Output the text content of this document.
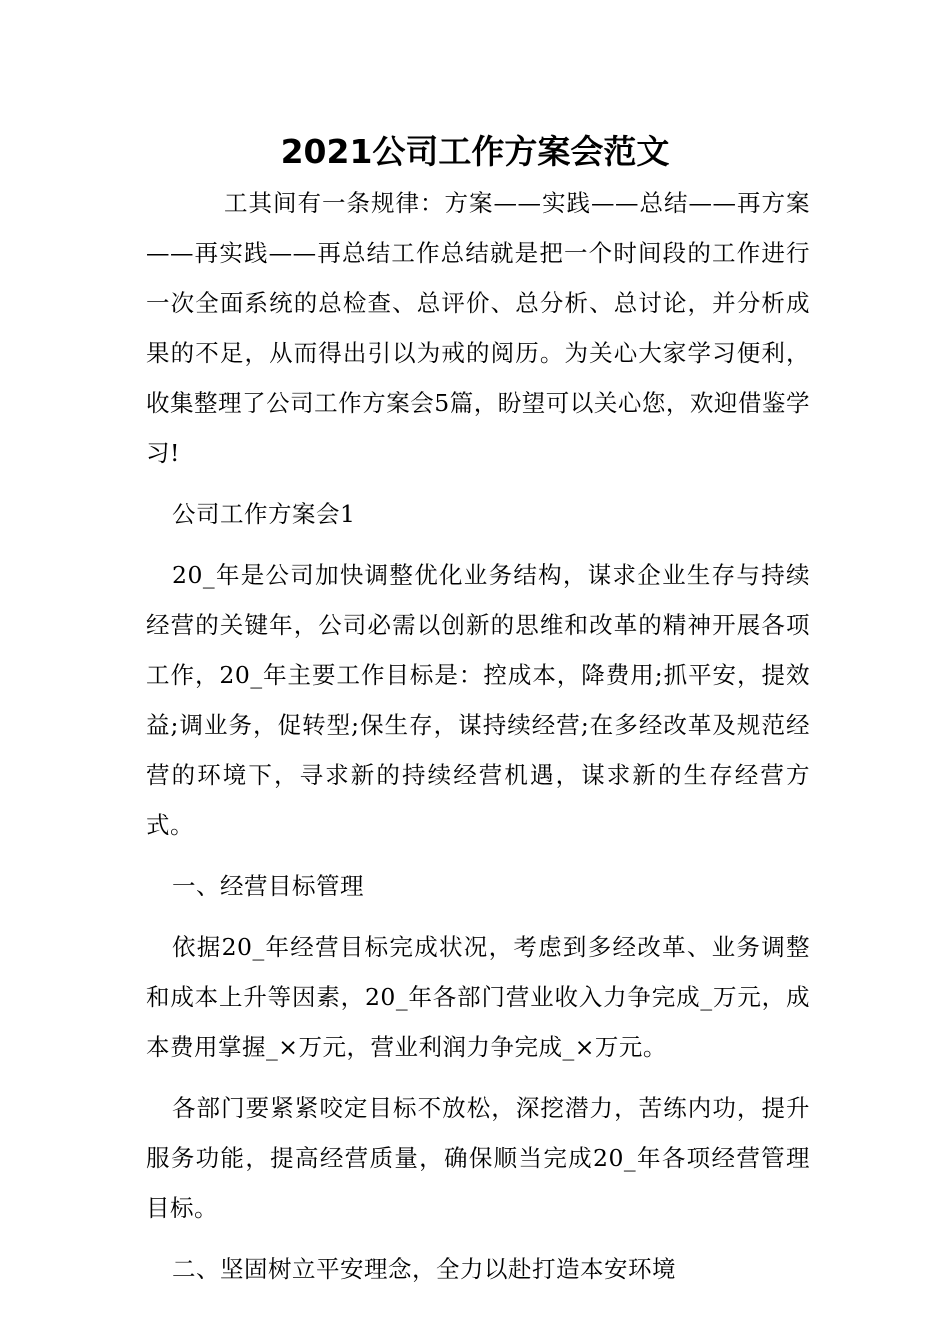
2021公司工作方案会范文

工其间有一条规律：方案——实践——总结——再方案——再实践——再总结工作总结就是把一个时间段的工作进行一次全面系统的总检查、总评价、总分析、总讨论，并分析成果的不足，从而得出引以为戒的阅历。为关心大家学习便利，收集整理了公司工作方案会5篇，盼望可以关心您，欢迎借鉴学习!

公司工作方案会1

20_年是公司加快调整优化业务结构，谋求企业生存与持续经营的关键年，公司必需以创新的思维和改革的精神开展各项工作，20_年主要工作目标是：控成本，降费用;抓平安，提效益;调业务，促转型;保生存，谋持续经营;在多经改革及规范经营的环境下，寻求新的持续经营机遇，谋求新的生存经营方式。

一、经营目标管理

依据20_年经营目标完成状况，考虑到多经改革、业务调整和成本上升等因素，20_年各部门营业收入力争完成_万元，成本费用掌握_×万元，营业利润力争完成_×万元。

各部门要紧紧咬定目标不放松，深挖潜力，苦练内功，提升服务功能，提高经营质量，确保顺当完成20_年各项经营管理目标。

二、坚固树立平安理念，全力以赴打造本安环境
